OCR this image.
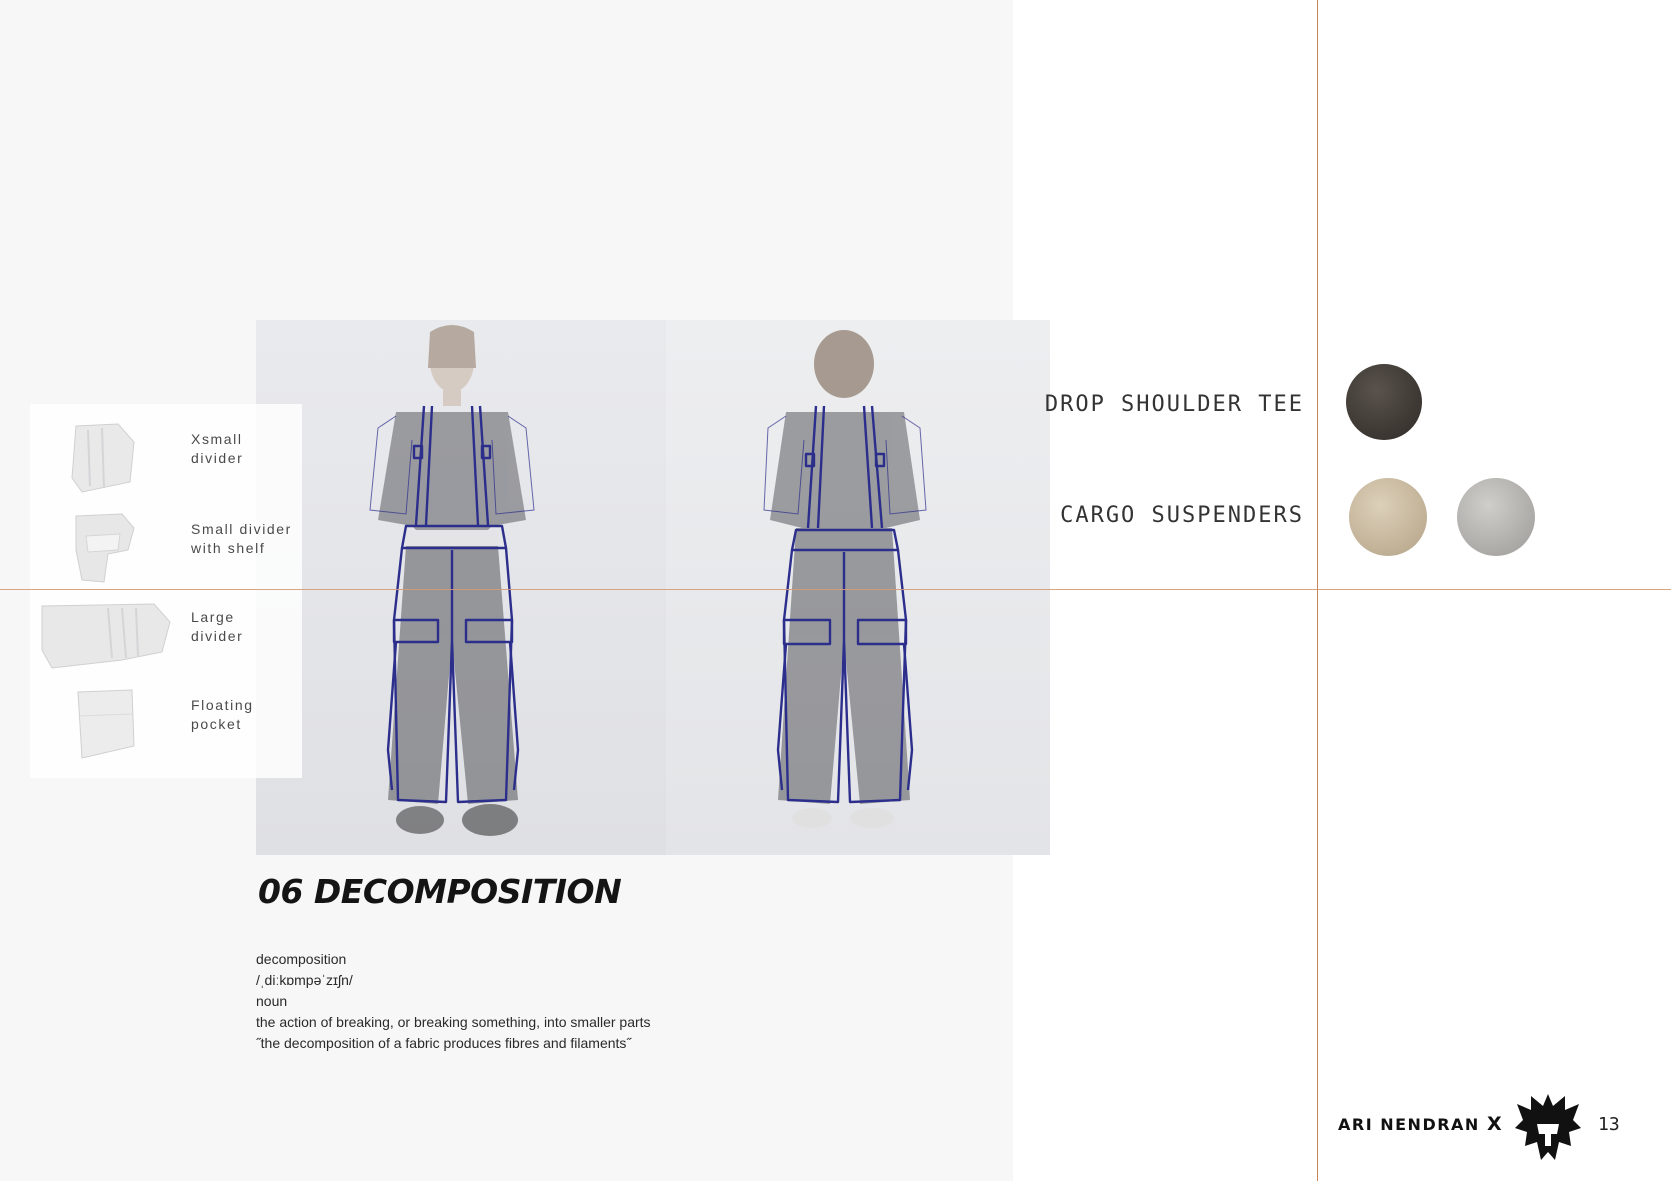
Xsmall
divider
Small divider
with shelf
Large
divider
Floating
pocket
06 DECOMPOSITION
decomposition
/ˌdiːkɒmpəˈzɪʃn/
noun
the action of breaking, or breaking something, into smaller parts
˝the decomposition of a fabric produces fibres and filaments˝
DROP SHOULDER TEE
CARGO SUSPENDERS
ARI NENDRAN X	13
